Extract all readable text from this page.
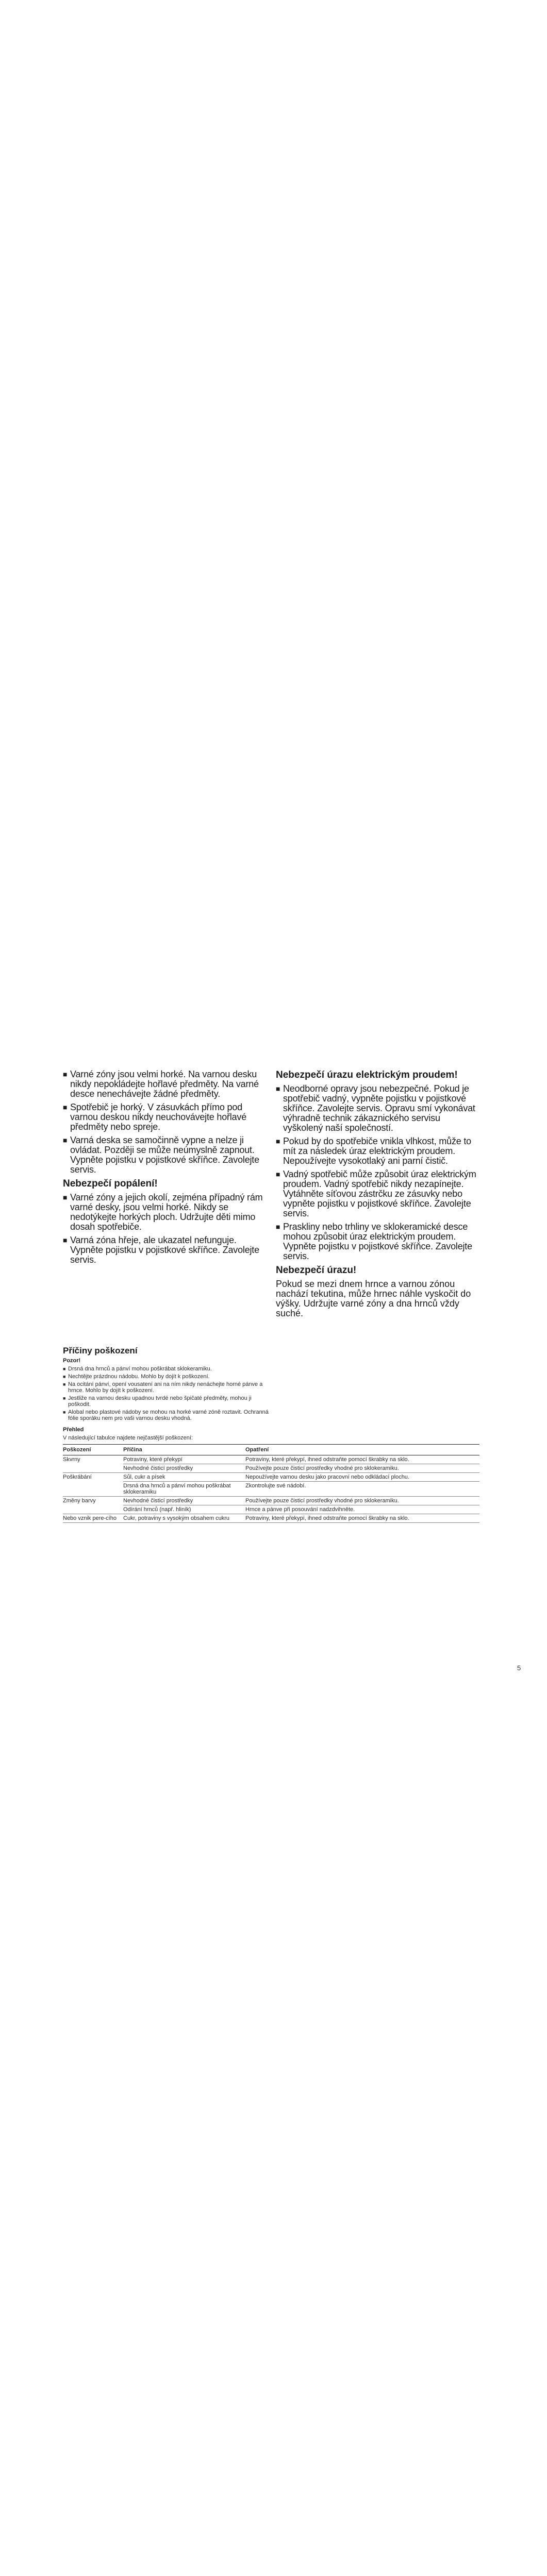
■ Varné zóny jsou velmi horké. Na varnou desku nikdy nepokládejte hořlavé předměty. Na varné desce nenechávejte žádné předměty.
■ Spotřebič je horký. V zásuvkách přímo pod varnou deskou nikdy neuchovávejte hořlavé předměty nebo spreje.
■ Varná deska se samočinně vypne a nelze ji ovládat. Později se může neúmyslně zapnout. Vypněte pojistku v pojistkové skříňce. Zavolejte servis.
Nebezpečí popálení!
■ Varné zóny a jejich okolí, zejména případný rám varné desky, jsou velmi horké. Nikdy se nedotýkejte horkých ploch. Udržujte děti mimo dosah spotřebiče.
■ Varná zóna hřeje, ale ukazatel nefunguje. Vypněte pojistku v pojistkové skříňce. Zavolejte servis.
Nebezpečí úrazu elektrickým proudem!
■ Neodborné opravy jsou nebezpečné. Pokud je spotřebič vadný, vypněte pojistku v pojistkové skříňce. Zavolejte servis. Opravu smí vykonávat výhradně technik zákaznického servisu vyškolený naší společností.
■ Pokud by do spotřebiče vnikla vlhkost, může to mít za následek úraz elektrickým proudem. Nepoužívejte vysokotlaký ani parní čistič.
■ Vadný spotřebič může způsobit úraz elektrickým proudem. Vadný spotřebič nikdy nezapínejte. Vytáhněte síťovou zástrčku ze zásuvky nebo vypněte pojistku v pojistkové skříňce. Zavolejte servis.
■ Praskliny nebo trhliny ve sklokeramické desce mohou způsobit úraz elektrickým proudem. Vypněte pojistku v pojistkové skříňce. Zavolejte servis.
Nebezpečí úrazu!

Pokud se mezi dnem hrnce a varnou zónou nachází tekutina, může hrnec náhle vyskočit do výšky. Udržujte varné zóny a dna hrnců vždy suché.

Příčiny poškození

Pozor!

■ Drsná dna hrnců a pánví mohou poškrábat sklokeramiku.
■ Nechtějte prázdnou nádobu. Mohlo by dojít k poškození.
■ Na ocitání pánví, opení vousatení ani na ním nikdy nenáchejte horné pánve a hrnce. Mohlo by dojít k poškození.
■ Jestliže na varnou desku upadnou tvrdé nebo špičaté předměty, mohou ji poškodit.
■ Alobal nebo plastové nádoby se mohou na horké varné zóně roztavit. Ochranná fólie sporáku nem pro vaši varnou desku vhodná.

Přehled

V následující tabulce najdete nejčastější poškození:

Poškození	Příčina	Opatření
Skvrny	Potraviny, které překypí	Potraviny, které překypí, ihned odstraňte pomocí škrabky na sklo.
	Nevhodné čisticí prostředky	Používejte pouze čisticí prostředky vhodné pro sklokeramiku.
Poškrábání	Sůl, cukr a písek	Nepoužívejte varnou desku jako pracovní nebo odkládací plochu.
	Drsná dna hrnců a pánví mohou poškrábat sklokeramiku	Zkontrolujte své nádobí.
Změny barvy	Nevhodné čisticí prostředky	Používejte pouze čisticí prostředky vhodné pro sklokeramiku.
	Odírání hrnců (např. hliník)	Hrnce a pánve při posouvání nadzdvihněte.
Nebo vznik pere-cího	Cukr, potraviny s vysokým obsahem cukru	Potraviny, které překypí, ihned odstraňte pomocí škrabky na sklo.
5
